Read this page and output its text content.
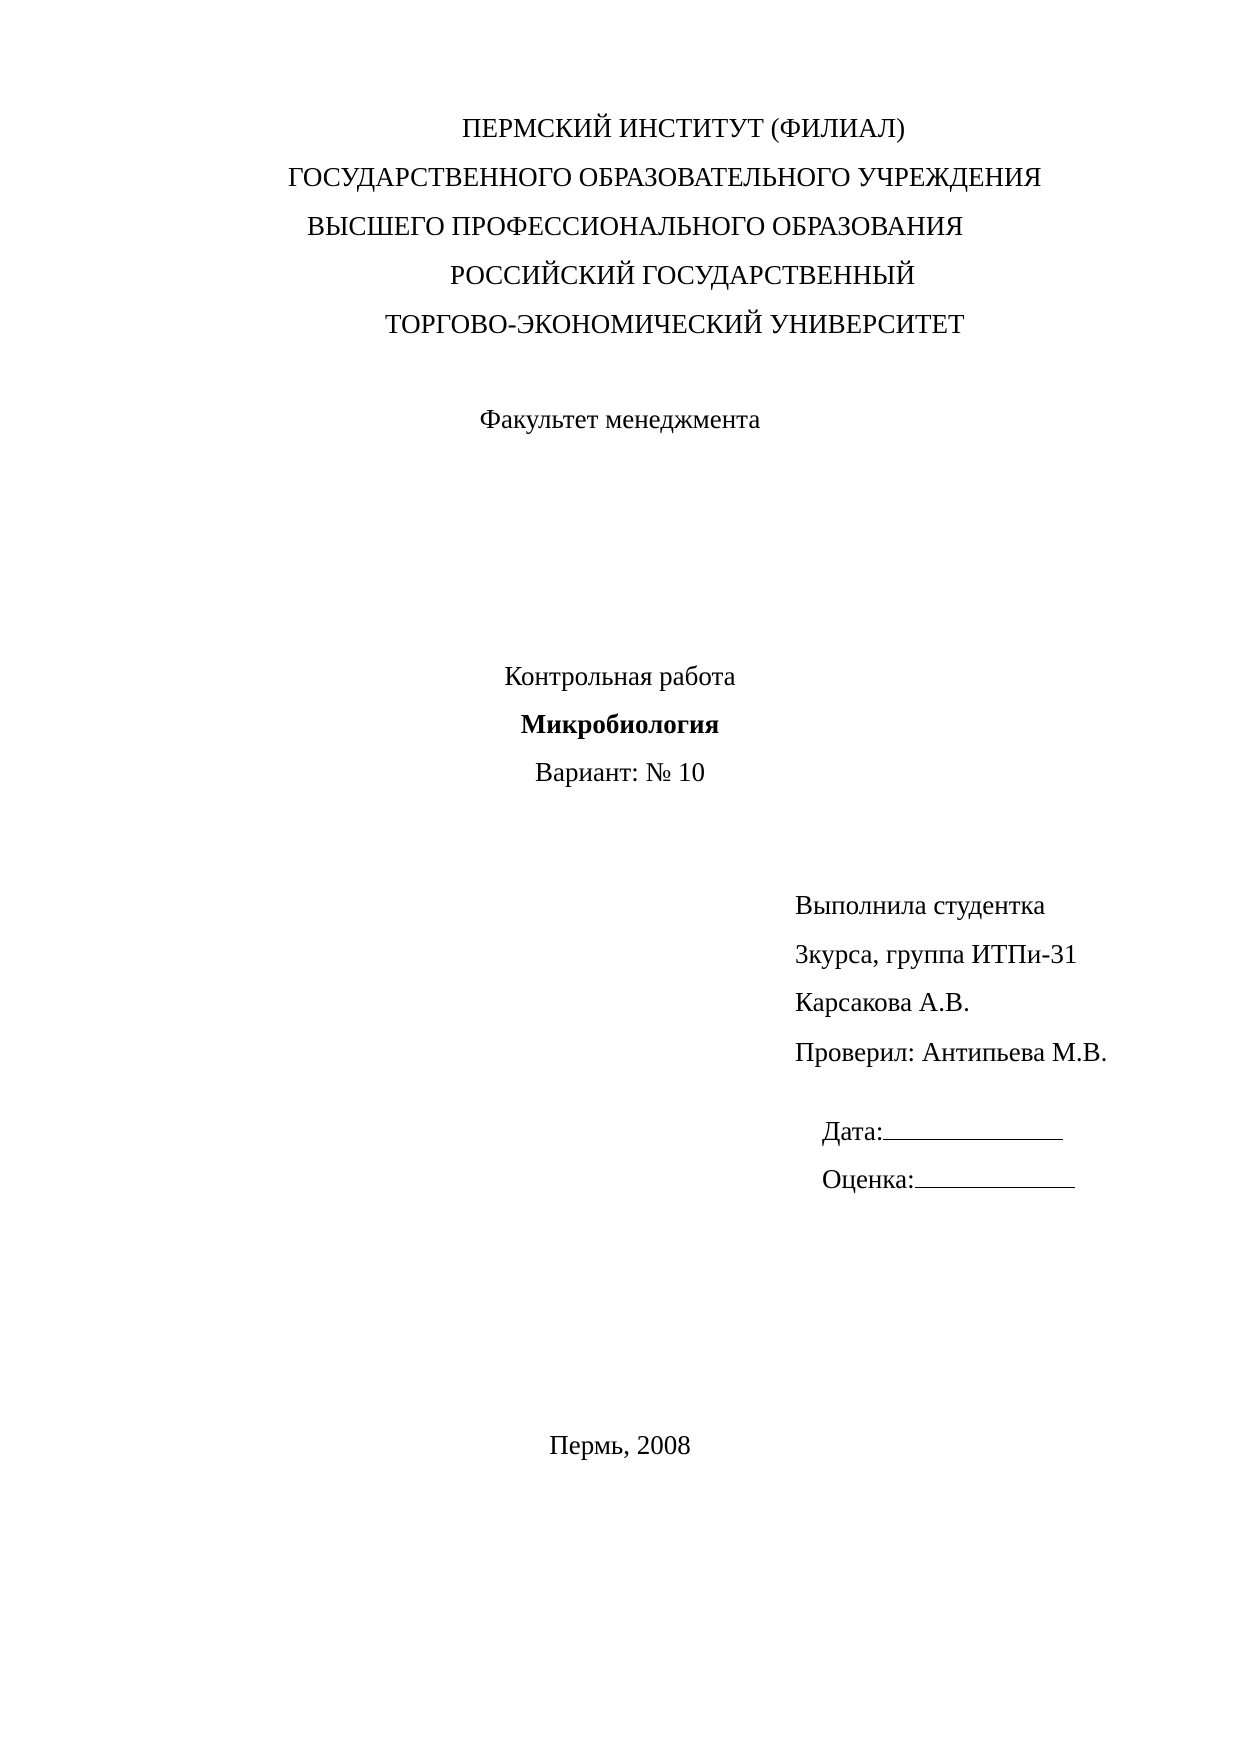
ПЕРМСКИЙ ИНСТИТУТ (ФИЛИАЛ)
ГОСУДАРСТВЕННОГО ОБРАЗОВАТЕЛЬНОГО УЧРЕЖДЕНИЯ
ВЫСШЕГО ПРОФЕССИОНАЛЬНОГО ОБРАЗОВАНИЯ
РОССИЙСКИЙ ГОСУДАРСТВЕННЫЙ
ТОРГОВО-ЭКОНОМИЧЕСКИЙ УНИВЕРСИТЕТ
Факультет менеджмента
Контрольная работа
Микробиология
Вариант: № 10
Выполнила студентка
3курса, группа ИТПи-31
Карсакова А.В.
Проверил: Антипьева М.В.

Дата:

Оценка:

Пермь, 2008
